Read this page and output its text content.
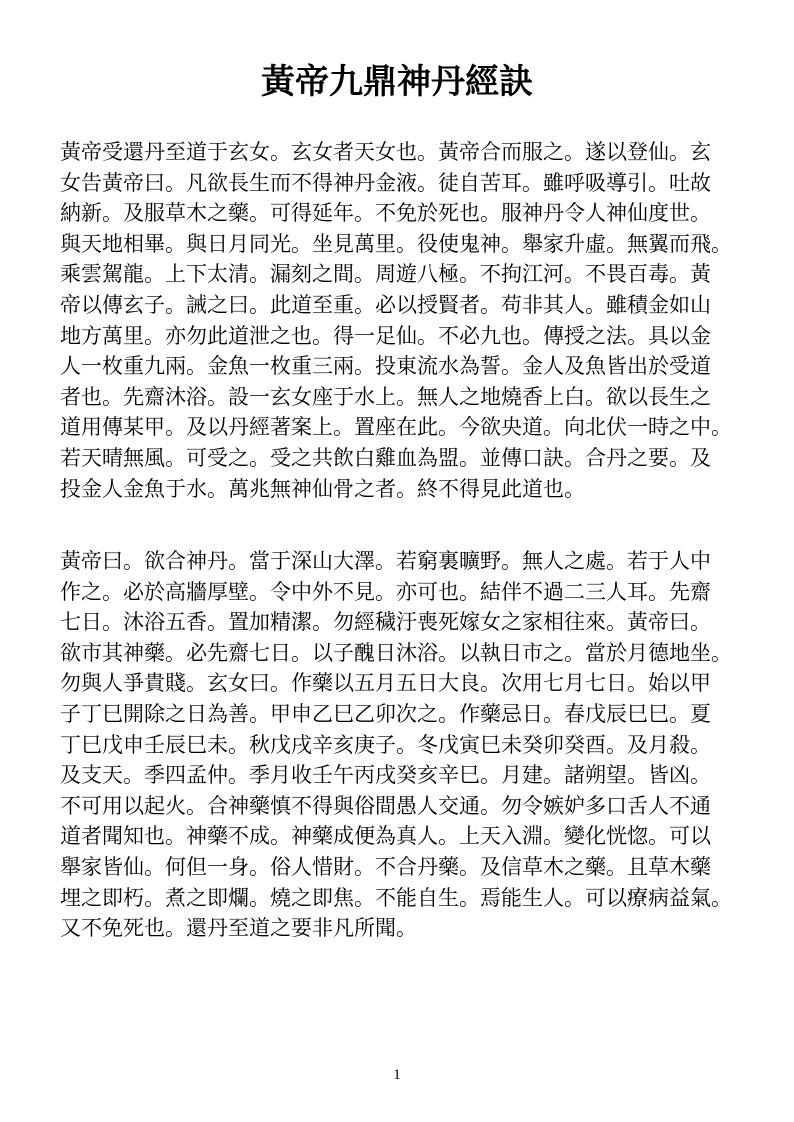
黃帝九鼎神丹經訣
黃帝受還丹至道于玄女。玄女者天女也。黃帝合而服之。遂以登仙。玄
女告黃帝曰。凡欲長生而不得神丹金液。徒自苦耳。雖呼吸導引。吐故
納新。及服草木之藥。可得延年。不免於死也。服神丹令人神仙度世。
與天地相畢。與日月同光。坐見萬里。役使鬼神。舉家升虛。無翼而飛。
乘雲駕龍。上下太清。漏刻之間。周遊八極。不拘江河。不畏百毒。黃
帝以傳玄子。誡之曰。此道至重。必以授賢者。苟非其人。雖積金如山
地方萬里。亦勿此道泄之也。得一足仙。不必九也。傳授之法。具以金
人一枚重九兩。金魚一枚重三兩。投東流水為誓。金人及魚皆出於受道
者也。先齋沐浴。設一玄女座于水上。無人之地燒香上白。欲以長生之
道用傳某甲。及以丹經著案上。置座在此。今欲央道。向北伏一時之中。
若天晴無風。可受之。受之共飲白雞血為盟。並傳口訣。合丹之要。及
投金人金魚于水。萬兆無神仙骨之者。終不得見此道也。
黃帝曰。欲合神丹。當于深山大澤。若窮裏曠野。無人之處。若于人中
作之。必於高牆厚壁。令中外不見。亦可也。結伴不過二三人耳。先齋
七日。沐浴五香。置加精潔。勿經穢汙喪死嫁女之家相往來。黃帝曰。
欲市其神藥。必先齋七日。以子醜日沐浴。以執日市之。當於月德地坐。
勿與人爭貴賤。玄女曰。作藥以五月五日大良。次用七月七日。始以甲
子丁巳開除之日為善。甲申乙巳乙卯次之。作藥忌日。春戊辰巳巳。夏
丁巳戊申壬辰巳未。秋戊戌辛亥庚子。冬戊寅巳未癸卯癸酉。及月殺。
及支天。季四孟仲。季月收壬午丙戌癸亥辛巳。月建。諸朔望。皆凶。
不可用以起火。合神藥慎不得與俗間愚人交通。勿令嫉妒多口舌人不通
道者聞知也。神藥不成。神藥成便為真人。上天入淵。變化恍惚。可以
舉家皆仙。何但一身。俗人惜財。不合丹藥。及信草木之藥。且草木藥
埋之即朽。煮之即爛。燒之即焦。不能自生。焉能生人。可以療病益氣。
又不免死也。還丹至道之要非凡所聞。
1
